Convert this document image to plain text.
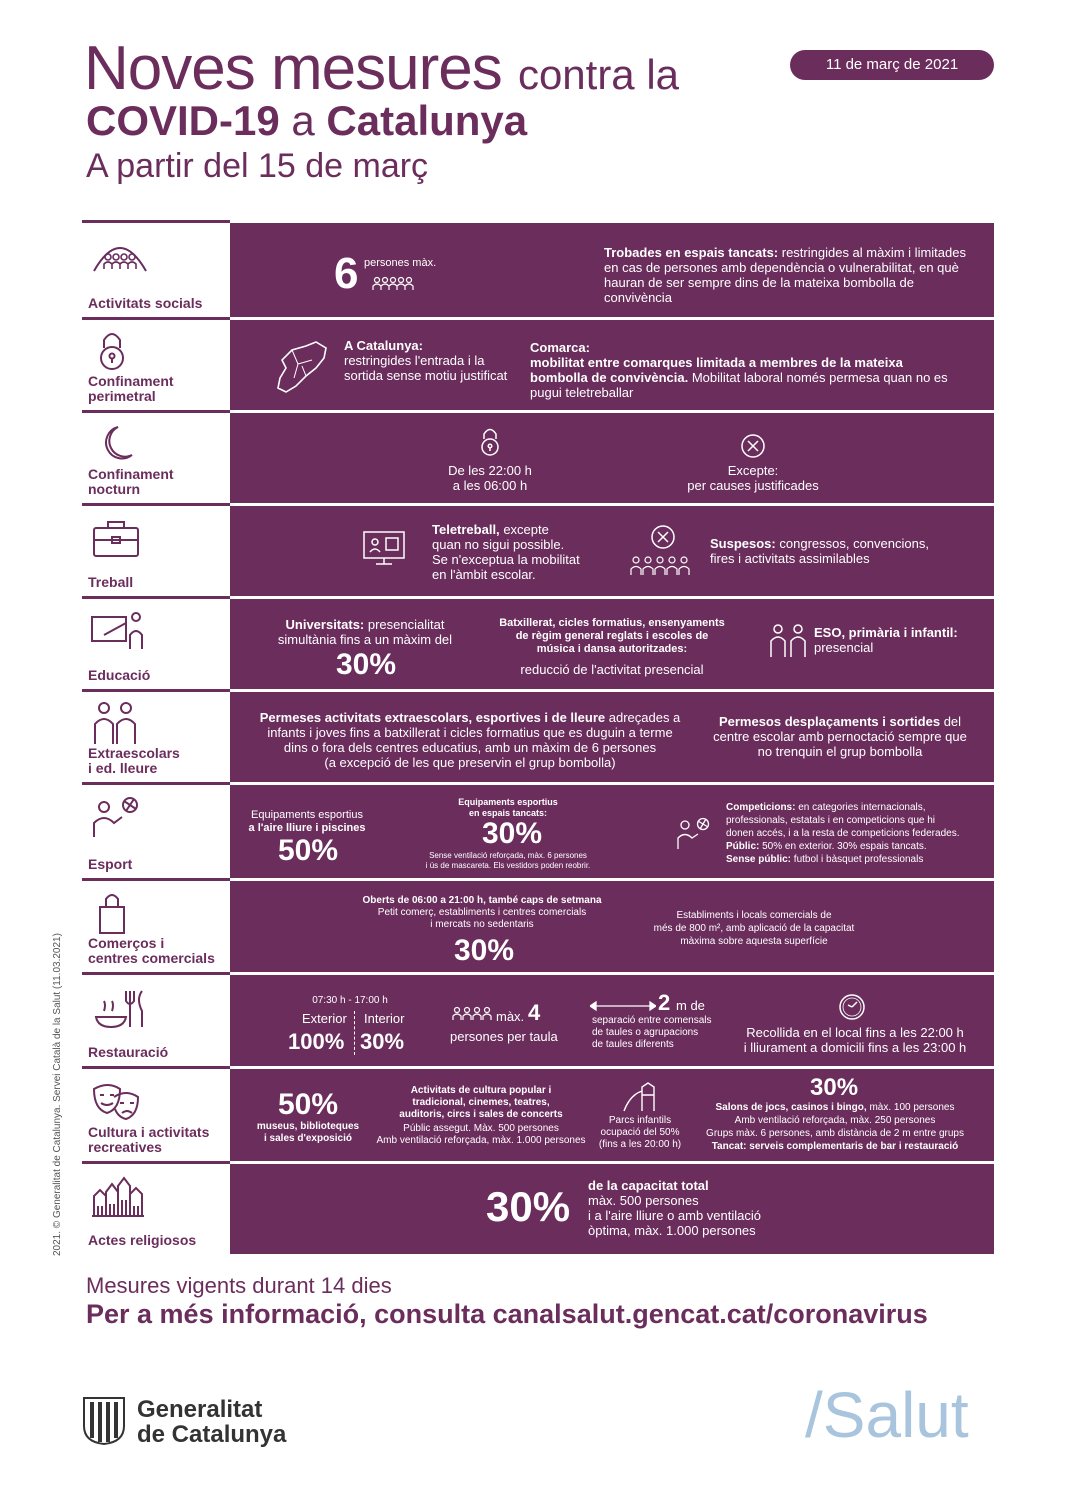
Noves mesures contra la
COVID-19 a Catalunya
A partir del 15 de març
11 de març de 2021
2021. © Generalitat de Catalunya. Servei Català de la Salut (11.03.2021)
Activitats socials
6 persones màx.
Trobades en espais tancats: restringides al màxim i limitades en cas de persones amb dependència o vulnerabilitat, en què hauran de ser sempre dins de la mateixa bombolla de convivència
Confinament
perimetral
A Catalunya:
restringides l'entrada i la sortida sense motiu justificat
Comarca:
mobilitat entre comarques limitada a membres de la mateixa bombolla de convivència. Mobilitat laboral només permesa quan no es pugui teletreballar
Confinament
nocturn
De les 22:00 h
a les 06:00 h
Excepte:
per causes justificades
Treball
Teletreball, excepte
quan no sigui possible.
Se n'exceptua la mobilitat
en l'àmbit escolar.
Suspesos: congressos, convencions,
fires i activitats assimilables
Educació
Universitats: presencialitat
simultània fins a un màxim del
30%
Batxillerat, cicles formatius, ensenyaments
de règim general reglats i escoles de
música i dansa autoritzades:
reducció de l'activitat presencial
ESO, primària i infantil:
presencial
Extraescolars
i ed. lleure
Permeses activitats extraescolars, esportives i de lleure adreçades a
infants i joves fins a batxillerat i cicles formatius que es duguin a terme
dins o fora dels centres educatius, amb un màxim de 6 persones
(a excepció de les que preservin el grup bombolla)
Permesos desplaçaments i sortides del
centre escolar amb pernoctació sempre que
no trenquin el grup bombolla
Esport
Equipaments esportius
a l'aire lliure i piscines
50%
Equipaments esportius
en espais tancats:
30%
Sense ventilació reforçada, màx. 6 persones
i ús de mascareta. Els vestidors poden reobrir.
Competicions: en categories internacionals,
professionals, estatals i en competicions que hi
donen accés, i a la resta de competicions federades.
Públic: 50% en exterior. 30% espais tancats.
Sense públic: futbol i bàsquet professionals
Comerços i
centres comercials
Oberts de 06:00 a 21:00 h, també caps de setmana
Petit comerç, establiments i centres comercials
i mercats no sedentaris
30%
Establiments i locals comercials de
més de 800 m², amb aplicació de la capacitat
màxima sobre aquesta superfície
Restauració
07:30 h - 17:00 h
Exterior Interior
100% 30%
màx. 4
persones per taula
2 m de
separació entre comensals
de taules o agrupacions
de taules diferents
Recollida en el local fins a les 22:00 h
i lliurament a domicili fins a les 23:00 h
Cultura i activitats
recreatives
50%
museus, biblioteques
i sales d'exposició
Activitats de cultura popular i
tradicional, cinemes, teatres,
auditoris, circs i sales de concerts
Públic assegut. Màx. 500 persones
Amb ventilació reforçada, màx. 1.000 persones
Parcs infantils
ocupació del 50%
(fins a les 20:00 h)
30%
Salons de jocs, casinos i bingo, màx. 100 persones
Amb ventilació reforçada, màx. 250 persones
Grups màx. 6 persones, amb distància de 2 m entre grups
Tancat: serveis complementaris de bar i restauració
Actes religiosos
30% de la capacitat total
màx. 500 persones
i a l'aire lliure o amb ventilació
òptima, màx. 1.000 persones
Mesures vigents durant 14 dies
Per a més informació, consulta canalsalut.gencat.cat/coronavirus
Generalitat
de Catalunya	/Salut
